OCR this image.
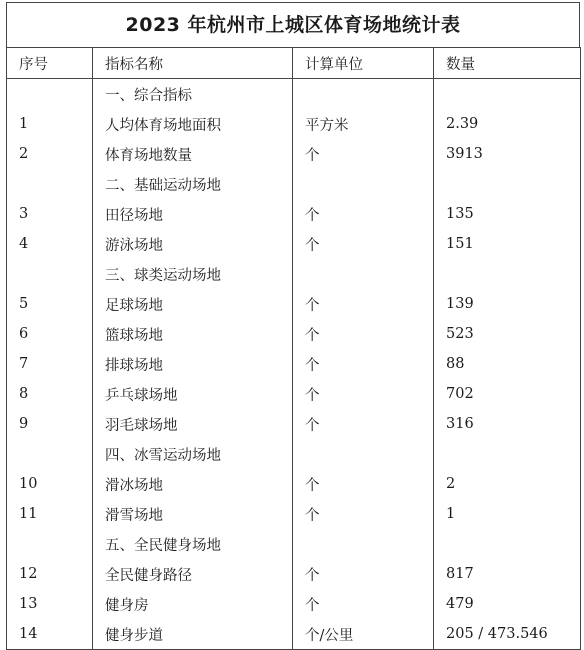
2023 年杭州市上城区体育场地统计表
序号	指标名称	计算单位	数量
	一、综合指标		
1	人均体育场地面积	平方米	2.39
2	体育场地数量	个	3913
	二、基础运动场地		
3	田径场地	个	135
4	游泳场地	个	151
	三、球类运动场地		
5	足球场地	个	139
6	篮球场地	个	523
7	排球场地	个	88
8	乒乓球场地	个	702
9	羽毛球场地	个	316
	四、冰雪运动场地		
10	滑冰场地	个	2
11	滑雪场地	个	1
	五、全民健身场地		
12	全民健身路径	个	817
13	健身房	个	479
14	健身步道	个/公里	205 / 473.546
